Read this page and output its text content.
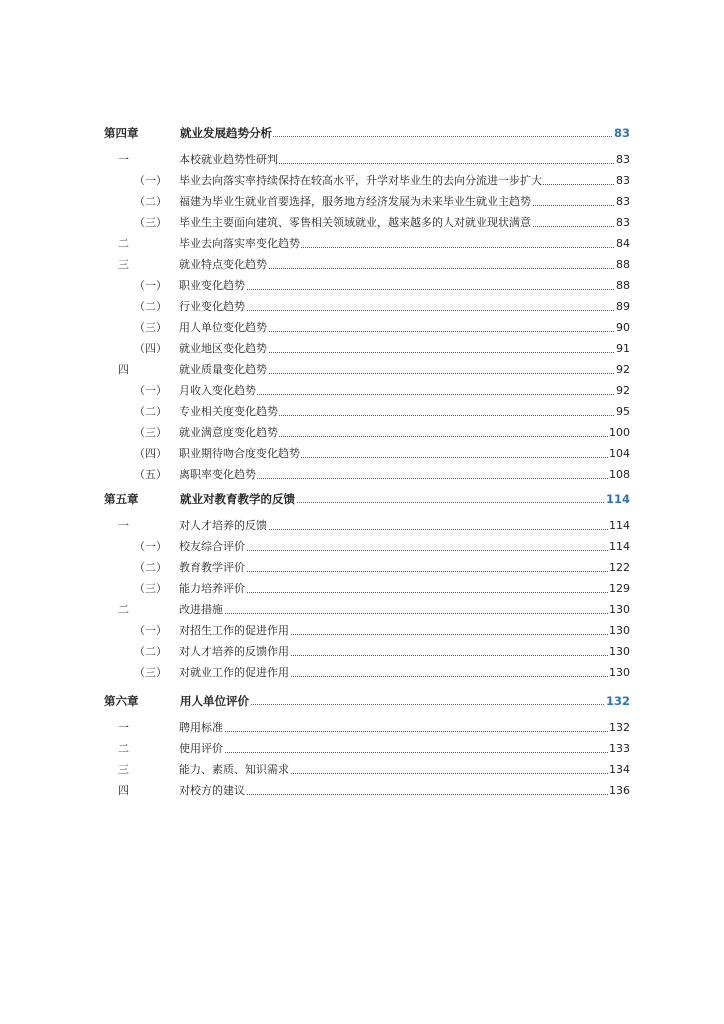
第四章	就业发展趋势分析	83
一	本校就业趋势性研判	83
（一） 毕业去向落实率持续保持在较高水平，升学对毕业生的去向分流进一步扩大	83
（二） 福建为毕业生就业首要选择，服务地方经济发展为未来毕业生就业主趋势	83
（三） 毕业生主要面向建筑、零售相关领域就业，越来越多的人对就业现状满意	83
二	毕业去向落实率变化趋势	84
三	就业特点变化趋势	88
（一） 职业变化趋势	88
（二） 行业变化趋势	89
（三） 用人单位变化趋势	90
（四） 就业地区变化趋势	91
四	就业质量变化趋势	92
（一） 月收入变化趋势	92
（二） 专业相关度变化趋势	95
（三） 就业满意度变化趋势	100
（四） 职业期待吻合度变化趋势	104
（五） 离职率变化趋势	108
第五章	就业对教育教学的反馈	114
一	对人才培养的反馈	114
（一） 校友综合评价	114
（二） 教育教学评价	122
（三） 能力培养评价	129
二	改进措施	130
（一） 对招生工作的促进作用	130
（二） 对人才培养的反馈作用	130
（三） 对就业工作的促进作用	130
第六章	用人单位评价	132
一	聘用标准	132
二	使用评价	133
三	能力、素质、知识需求	134
四	对校方的建议	136
